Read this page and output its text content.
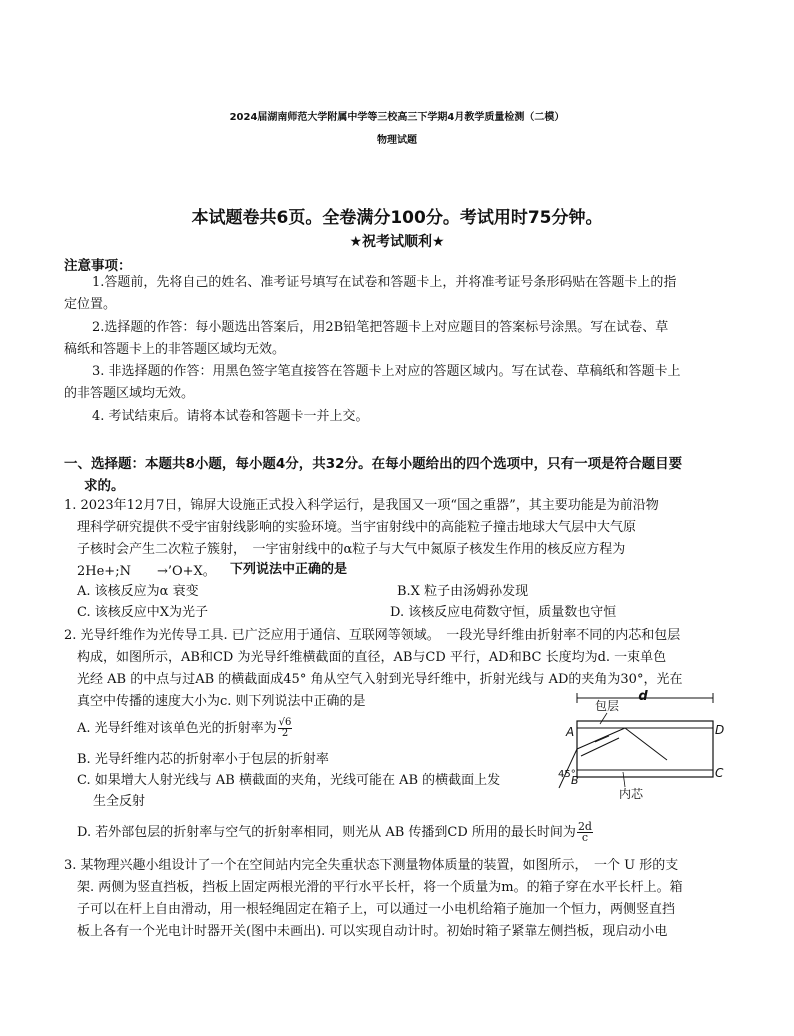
2024届湖南师范大学附属中学等三校高三下学期4月教学质量检测（二模）
物理试题
本试题卷共6页。全卷满分100分。考试用时75分钟。
★祝考试顺利★
注意事项：
1.答题前，先将自己的姓名、准考证号填写在试卷和答题卡上，并将准考证号条形码贴在答题卡上的指
定位置。
2.选择题的作答：每小题选出答案后，用2B铅笔把答题卡上对应题目的答案标号涂黑。写在试卷、草
稿纸和答题卡上的非答题区域均无效。
3. 非选择题的作答：用黑色签字笔直接答在答题卡上对应的答题区域内。写在试卷、草稿纸和答题卡上
的非答题区域均无效。
4. 考试结束后。请将本试卷和答题卡一并上交。
一、选择题：本题共8小题，每小题4分，共32分。在每小题给出的四个选项中，只有一项是符合题目要
求的。
1. 2023年12月7日，锦屏大设施正式投入科学运行，是我国又一项“国之重器”，其主要功能是为前沿物
理科学研究提供不受宇宙射线影响的实验环境。当宇宙射线中的高能粒子撞击地球大气层中大气原
子核时会产生二次粒子簇射，　一宇宙射线中的α粒子与大气中氮原子核发生作用的核反应方程为
2He+;N　　→’O+X。 下列说法中正确的是
A. 该核反应为α 衰变	B.X 粒子由汤姆孙发现
C. 该核反应中X为光子	D. 该核反应电荷数守恒，质量数也守恒
2. 光导纤维作为光传导工具. 已广泛应用于通信、互联网等领域。　一段光导纤维由折射率不同的内芯和包层
构成，如图所示，AB和CD 为光导纤维横截面的直径，AB与CD 平行，AD和BC 长度均为d. 一束单色
光经 AB 的中点与过AB 的横截面成45° 角从空气入射到光导纤维中，折射光线与 AD的夹角为30°，光在
真空中传播的速度大小为c. 则下列说法中正确的是
A. 光导纤维对该单色光的折射率为 $\frac{√6}{2}$
B. 光导纤维内芯的折射率小于包层的折射率
C. 如果增大人射光线与 AB 横截面的夹角，光线可能在 AB 的横截面上发
生全反射
D. 若外部包层的折射率与空气的折射率相同，则光从 AB 传播到CD 所用的最长时间为 $\frac{2d}{c}$
d
包层
A	D
B
C
45°
内芯
3. 某物理兴趣小组设计了一个在空间站内完全失重状态下测量物体质量的装置，如图所示，　一个 U 形的支
架. 两侧为竖直挡板，挡板上固定两根光滑的平行水平长杆，将一个质量为m。的箱子穿在水平长杆上。箱
子可以在杆上自由滑动，用一根轻绳固定在箱子上，可以通过一小电机给箱子施加一个恒力，两侧竖直挡
板上各有一个光电计时器开关(图中未画出). 可以实现自动计时。初始时箱子紧靠左侧挡板，现启动小电
